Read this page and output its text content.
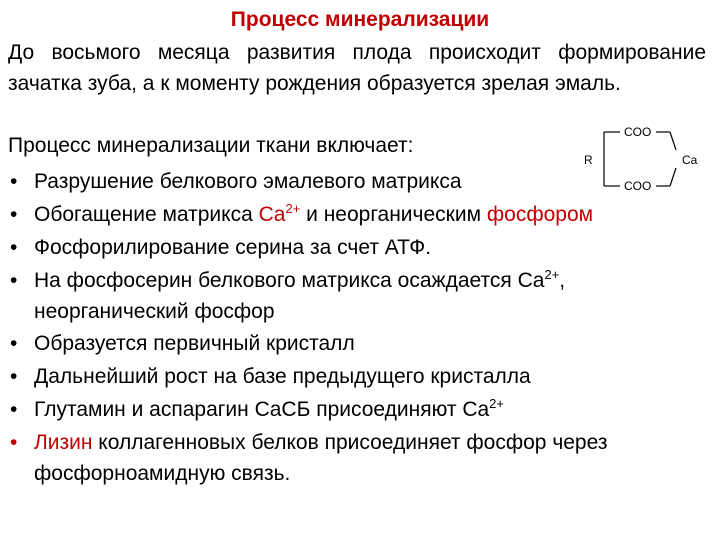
Процесс минерализации
До восьмого месяца развития плода происходит формирование зачатка зуба, а к моменту рождения образуется зрелая эмаль.
Процесс минерализации ткани включает:
COO
COO
R	Ca
• Разрушение белкового эмалевого матрикса
• Обогащение матрикса $Ca^{2+}$ и неорганическим фосфором
• Фосфорилирование серина за счет АТФ.
• На фосфосерин белкового матрикса осаждается $Ca^{2+}$,
неорганический фосфор
• Образуется первичный кристалл
• Дальнейший рост на базе предыдущего кристалла
• Глутамин и аспарагин CaСБ присоединяют $Ca^{2+}$
• Лизин коллагенновых белков присоединяет фосфор через
фосфорноамидную связь.
